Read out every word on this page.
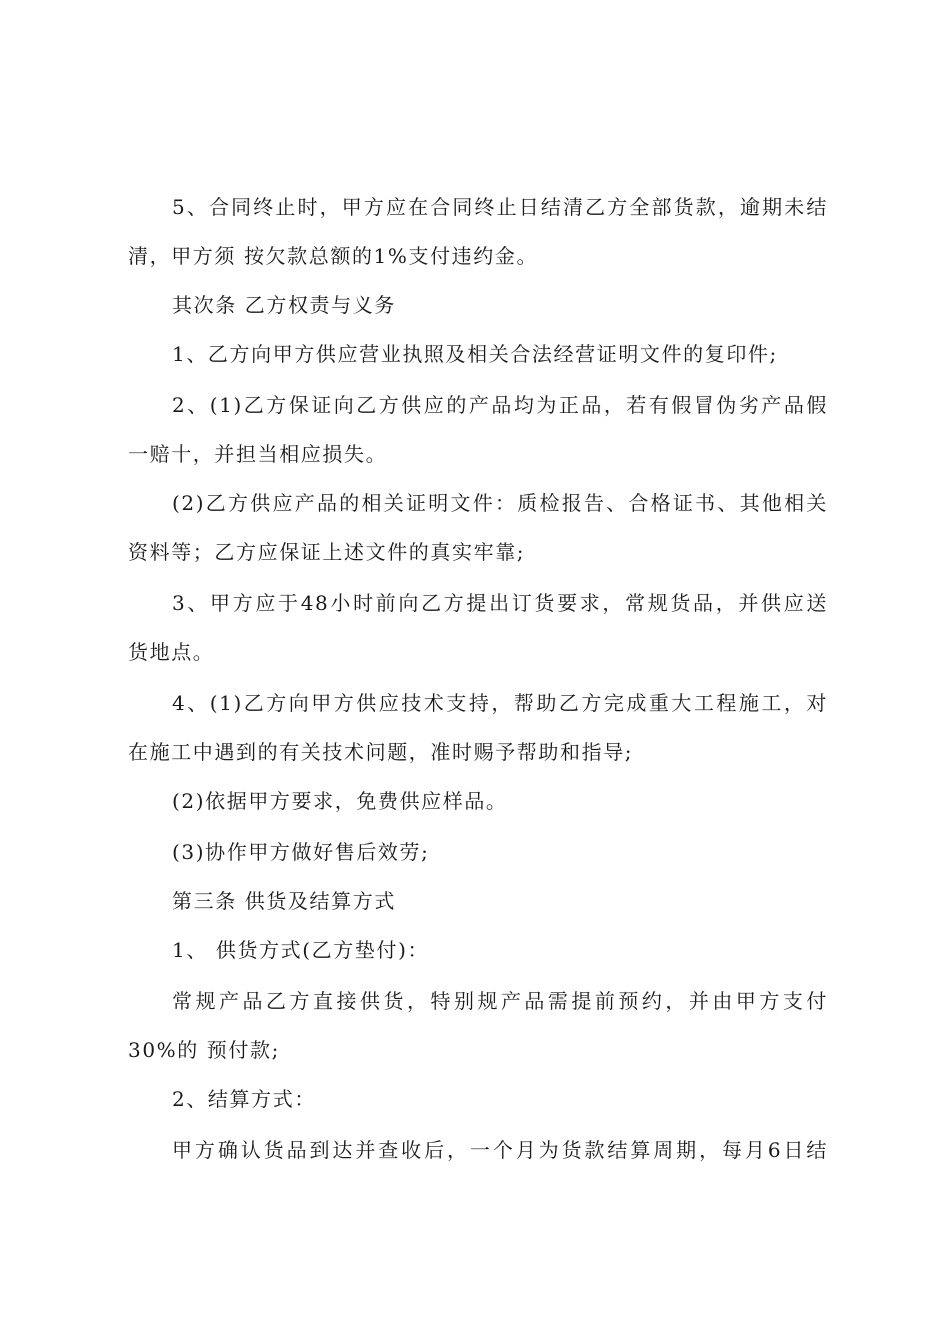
5、合同终止时，甲方应在合同终止日结清乙方全部货款，逾期未结
清，甲方须 按欠款总额的1%支付违约金。
其次条 乙方权责与义务
1、乙方向甲方供应营业执照及相关合法经营证明文件的复印件;
2、(1)乙方保证向乙方供应的产品均为正品，若有假冒伪劣产品假
一赔十，并担当相应损失。
(2)乙方供应产品的相关证明文件：质检报告、合格证书、其他相关
资料等；乙方应保证上述文件的真实牢靠;
3、甲方应于48小时前向乙方提出订货要求，常规货品，并供应送
货地点。
4、(1)乙方向甲方供应技术支持，帮助乙方完成重大工程施工，对
在施工中遇到的有关技术问题，准时赐予帮助和指导;
(2)依据甲方要求，免费供应样品。
(3)协作甲方做好售后效劳;
第三条 供货及结算方式
1、 供货方式(乙方垫付)：
常规产品乙方直接供货，特别规产品需提前预约，并由甲方支付
30%的 预付款;
2、结算方式：
甲方确认货品到达并查收后，一个月为货款结算周期，每月6日结
